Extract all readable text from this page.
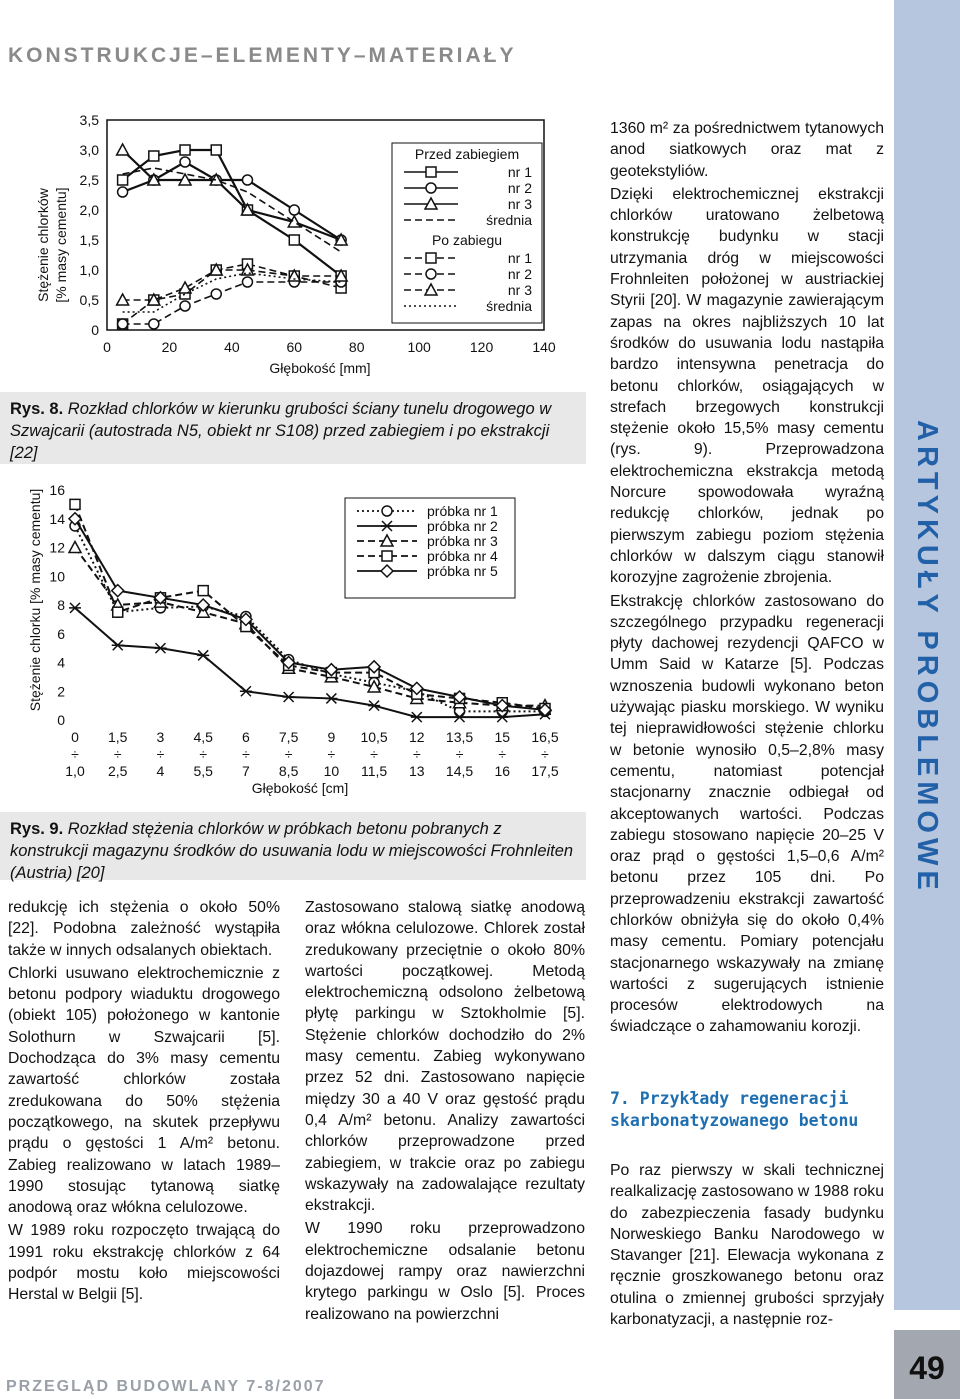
KONSTRUKCJE–ELEMENTY–MATERIAŁY
Stężenie chlorków [% masy cementu]
0
0,5
1,0
1,5
2,0
2,5
3,0
3,5
0	20	40	60	80	100	120	140
Przed zabiegiem
nr 1
nr 2
nr 3
średnia
Po zabiegu
nr 1
nr 2
nr 3
średnia
Głębokość [mm]
Rys. 8. Rozkład chlorków w kierunku grubości ściany tunelu drogowego w Szwajcarii (autostrada N5, obiekt nr S108) przed zabiegiem i po ekstrakcji [22]
Stężenie chlorku [% masy cementu]
0
2
4
6
8
10
12
14
16
0 1,5 3 4,5 6 7,5 9 10,5 12 13,5 15 16,5
÷	÷	÷	÷	÷	÷	÷	÷	÷	÷	÷	÷
1,0 2,5 4 5,5 7 8,5 10 11,5 13 14,5 16 17,5
próbka nr 1
próbka nr 2
próbka nr 3
próbka nr 4
próbka nr 5
Głębokość [cm]
Rys. 9. Rozkład stężenia chlorków w próbkach betonu pobranych z konstrukcji magazynu środków do usuwania lodu w miejscowości Frohnleiten (Austria) [20]

redukcję ich stężenia o około 50% [22]. Podobna zależność wystąpiła także w innych odsalanych obiektach.

Chlorki usuwano elektrochemicznie z betonu podpory wiaduktu drogowego (obiekt 105) położonego w kantonie Solothurn w Szwajcarii [5]. Dochodząca do 3% masy cementu zawartość chlorków została zredukowana do 50% stężenia początkowego, na skutek przepływu prądu o gęstości 1 A/m² betonu. Zabieg realizowano w latach 1989–1990 stosując tytanową siatkę anodową oraz włókna celulozowe.

W 1989 roku rozpoczęto trwającą do 1991 roku ekstrakcję chlorków z 64 podpór mostu koło miejscowości Herstal w Belgii [5].

Zastosowano stalową siatkę anodową oraz włókna celulozowe. Chlorek został zredukowany przeciętnie o około 80% wartości początkowej. Metodą elektrochemiczną odsolono żelbetową płytę parkingu w Sztokholmie [5]. Stężenie chlorków dochodziło do 2% masy cementu. Zabieg wykonywano przez 52 dni. Zastosowano napięcie między 30 a 40 V oraz gęstość prądu 0,4 A/m² betonu. Analizy zawartości chlorków przeprowadzone przed zabiegiem, w trakcie oraz po zabiegu wskazywały na zadowalające rezultaty ekstrakcji.

W 1990 roku przeprowadzono elektrochemiczne odsalanie betonu dojazdowej rampy oraz nawierzchni krytego parkingu w Oslo [5]. Proces realizowano na powierzchni

1360 m² za pośrednictwem tytanowych anod siatkowych oraz mat z geotekstyliów.

Dzięki elektrochemicznej ekstrakcji chlorków uratowano żelbetową konstrukcję budynku w stacji utrzymania dróg w miejscowości Frohnleiten położonej w austriackiej Styrii [20]. W magazynie zawierającym zapas na okres najbliższych 10 lat środków do usuwania lodu nastąpiła bardzo intensywna penetracja do betonu chlorków, osiągających w strefach brzegowych konstrukcji stężenie około 15,5% masy cementu (rys. 9). Przeprowadzona elektrochemiczna ekstrakcja metodą Norcure spowodowała wyraźną redukcję chlorków, jednak po pierwszym zabiegu poziom stężenia chlorków w dalszym ciągu stanowił korozyjne zagrożenie zbrojenia.

Ekstrakcję chlorków zastosowano do szczególnego przypadku regeneracji płyty dachowej rezydencji QAFCO w Umm Said w Katarze [5]. Podczas wznoszenia budowli wykonano beton używając piasku morskiego. W wyniku tej nieprawidłowości stężenie chlorku w betonie wynosiło 0,5–2,8% masy cementu, natomiast potencjał stacjonarny znacznie odbiegał od akceptowanych wartości. Podczas zabiegu stosowano napięcie 20–25 V oraz prąd o gęstości 1,5–0,6 A/m² betonu przez 105 dni. Po przeprowadzeniu ekstrakcji zawartość chlorków obniżyła się do około 0,4% masy cementu. Pomiary potencjału stacjonarnego wskazywały na zmianę wartości z sugerujących istnienie procesów elektrodowych na świadczące o zahamowaniu korozji.

7. Przykłady regeneracji skarbonatyzowanego betonu

Po raz pierwszy w skali technicznej realkalizację zastosowano w 1988 roku do zabezpieczenia fasady budynku Norweskiego Banku Narodowego w Stavanger [21]. Elewacja wykonana z ręcznie groszkowanego betonu oraz otulina o zmiennej grubości sprzyjały karbonatyzacji, a następnie roz-

ARTYKUŁY PROBLEMOWE
PRZEGLĄD BUDOWLANY 7-8/2007
49
